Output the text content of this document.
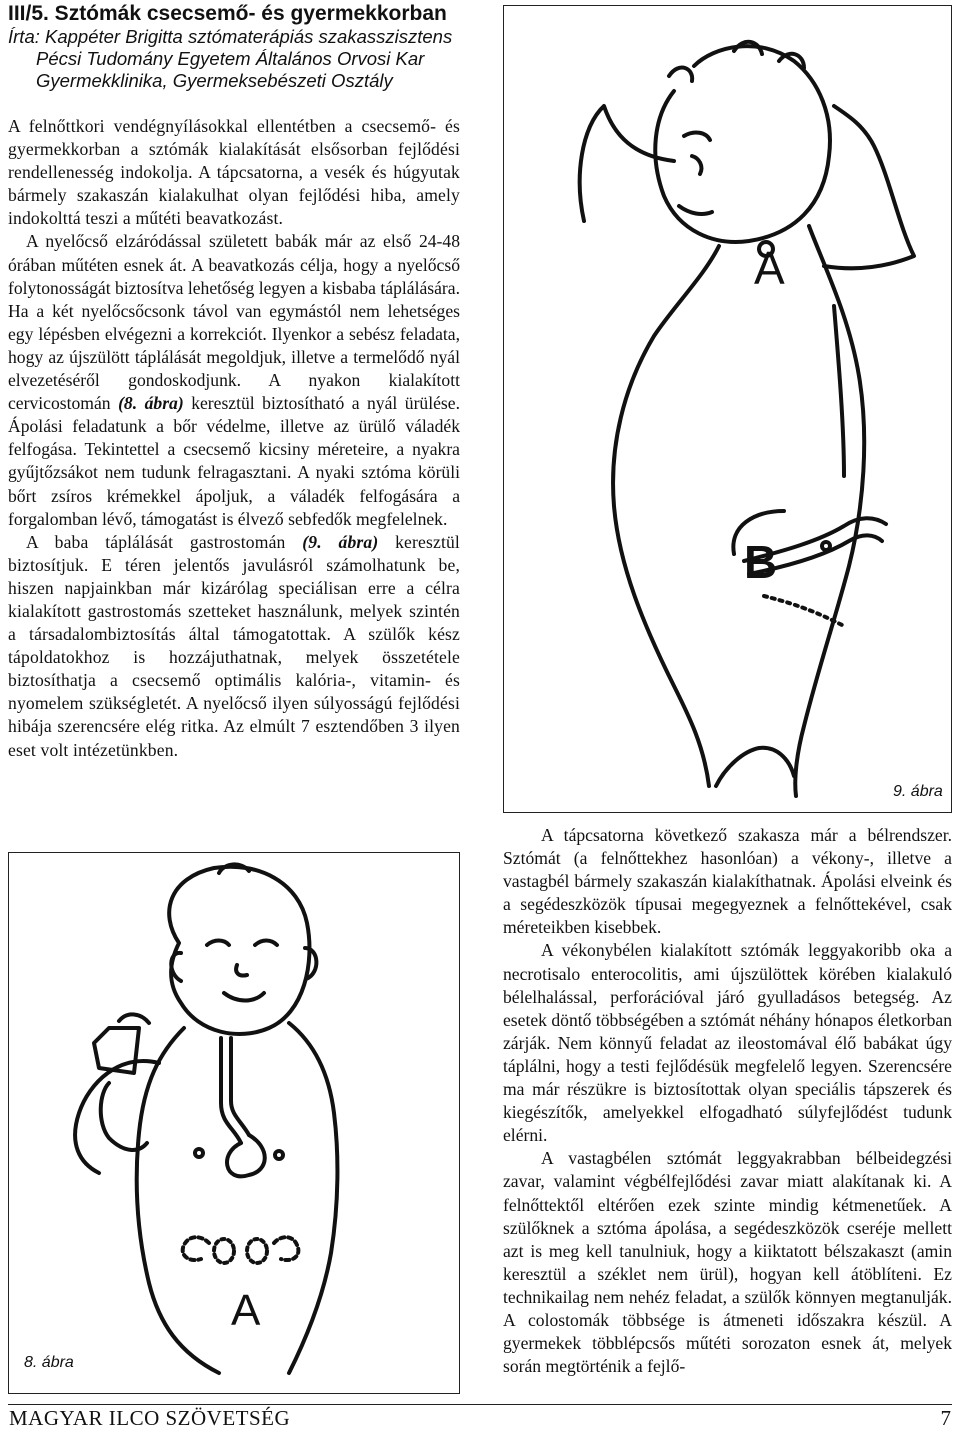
III/5. Sztómák csecsemő- és gyermekkorban
Írta: Kappéter Brigitta sztómaterápiás szakasszisztens
Pécsi Tudomány Egyetem Általános Orvosi Kar
Gyermekklinika, Gyermeksebészeti Osztály

A felnőttkori vendégnyílásokkal ellentétben a csecsemő- és gyermekkorban a sztómák kialakítását elsősorban fejlődési rendellenesség indokolja. A tápcsatorna, a vesék és húgyutak bármely szakaszán kialakulhat olyan fejlődési hiba, amely indokolttá teszi a műtéti beavatkozást.

A nyelőcső elzáródással született babák már az első 24-48 órában műtéten esnek át. A beavatkozás célja, hogy a nyelőcső folytonosságát biztosítva lehetőség legyen a kisbaba táplálására. Ha a két nyelőcsőcsonk távol van egymástól nem lehetséges egy lépésben elvégezni a korrekciót. Ilyenkor a sebész feladata, hogy az újszülött táplálását megoldjuk, illetve a termelődő nyál elvezetéséről gondoskodjunk. A nyakon kialakított cervicostomán (8. ábra) keresztül biztosítható a nyál ürülése. Ápolási feladatunk a bőr védelme, illetve az ürülő váladék felfogása. Tekintettel a csecsemő kicsiny méreteire, a nyakra gyűjtőzsákot nem tudunk felragasztani. A nyaki sztóma körüli bőrt zsíros krémekkel ápoljuk, a váladék felfogására a forgalomban lévő, támogatást is élvező sebfedők megfelelnek.

A baba táplálását gastrostomán (9. ábra) keresztül biztosítjuk. E téren jelentős javulásról számolhatunk be, hiszen napjainkban már kizárólag speciálisan erre a célra kialakított gastrostomás szetteket használunk, melyek szintén a társadalombiztosítás által támogatottak. A szülők kész tápoldatokhoz is hozzájuthatnak, melyek összetétele biztosíthatja a csecsemő optimális kalória-, vitamin- és nyomelem szükségletét. A nyelőcső ilyen súlyosságú fejlődési hibája szerencsére elég ritka. Az elmúlt 7 esztendőben 3 ilyen eset volt intézetünkben.

A
8. ábra
A
B
9. ábra

A tápcsatorna következő szakasza már a bélrendszer. Sztómát (a felnőttekhez hasonlóan) a vékony-, illetve a vastagbél bármely szakaszán kialakíthatnak. Ápolási elveink és a segédeszközök típusai megegyeznek a felnőttekével, csak méreteikben kisebbek.

A vékonybélen kialakított sztómák leggyakoribb oka a necrotisalo enterocolitis, ami újszülöttek körében kialakuló bélelhalással, perforációval járó gyulladásos betegség. Az esetek döntő többségében a sztómát néhány hónapos életkorban zárják. Nem könnyű feladat az ileostomával élő babákat úgy táplálni, hogy a testi fejlődésük megfelelő legyen. Szerencsére ma már részükre is biztosítottak olyan speciális tápszerek és kiegészítők, amelyekkel elfogadható súlyfejlődést tudunk elérni.

A vastagbélen sztómát leggyakrabban bélbeidegzési zavar, valamint végbélfejlődési zavar miatt alakítanak ki. A felnőttektől eltérően ezek szinte mindig kétmenetűek. A szülőknek a sztóma ápolása, a segédeszközök cseréje mellett azt is meg kell tanulniuk, hogy a kiiktatott bélszakaszt (amin keresztül a széklet nem ürül), hogyan kell átöblíteni. Ez technikailag nem nehéz feladat, a szülők könnyen megtanulják. A colostomák többsége is átmeneti időszakra készül. A gyermekek többlépcsős műtéti sorozaton esnek át, melyek során megtörténik a fejlő-

MAGYAR ILCO SZÖVETSÉG	7
